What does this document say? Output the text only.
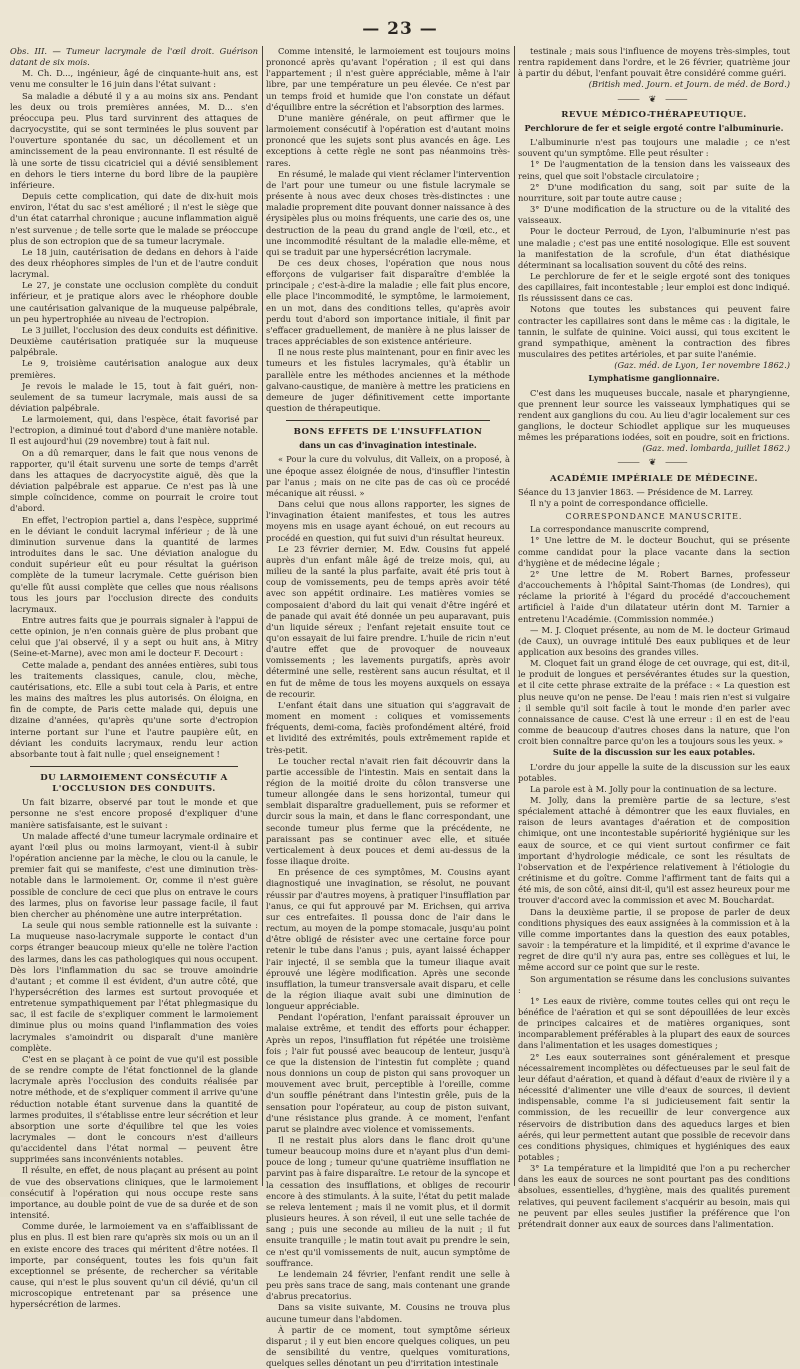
— 23 —

Obs. III. — Tumeur lacrymale de l'œil droit. Guérison datant de six mois.

M. Ch. D..., ingénieur, âgé de cinquante-huit ans, est venu me consulter le 16 juin dans l'état suivant :

Sa maladie a débuté il y a au moins six ans. Pendant les deux ou trois premières années, M. D... s'en préoccupa peu. Plus tard survinrent des attaques de dacryocystite, qui se sont terminées le plus souvent par l'ouverture spontanée du sac, un décollement et un amincissement de la peau environnante. Il est résulté de là une sorte de tissu cicatriciel qui a dévié sensiblement en dehors le tiers interne du bord libre de la paupière inférieure.

Depuis cette complication, qui date de dix-huit mois environ, l'état du sac s'est amélioré ; il n'est le siège que d'un état catarrhal chronique ; aucune inflammation aiguë n'est survenue ; de telle sorte que le malade se préoccupe plus de son ectropion que de sa tumeur lacrymale.

Le 18 juin, cautérisation de dedans en dehors à l'aide des deux rhéophores simples de l'un et de l'autre conduit lacrymal.

Le 27, je constate une occlusion complète du conduit inférieur, et je pratique alors avec le rhéophore double une cautérisation galvanique de la muqueuse palpébrale, un peu hypertrophiée au niveau de l'ectropion.

Le 3 juillet, l'occlusion des deux conduits est définitive. Deuxième cautérisation pratiquée sur la muqueuse palpébrale.

Le 9, troisième cautérisation analogue aux deux premières.

Je revois le malade le 15, tout à fait guéri, non-seulement de sa tumeur lacrymale, mais aussi de sa déviation palpébrale.

Le larmoiement, qui, dans l'espèce, était favorisé par l'ectropion, a diminué tout d'abord d'une manière notable. Il est aujourd'hui (29 novembre) tout à fait nul.

On a dû remarquer, dans le fait que nous venons de rapporter, qu'il était survenu une sorte de temps d'arrêt dans les attaques de dacryocystite aiguë, dès que la déviation palpébrale est apparue. Ce n'est pas là une simple coïncidence, comme on pourrait le croire tout d'abord.

En effet, l'ectropion partiel a, dans l'espèce, supprimé en le déviant le conduit lacrymal inférieur ; de là une diminution survenue dans la quantité de larmes introduites dans le sac. Une déviation analogue du conduit supérieur eût eu pour résultat la guérison complète de la tumeur lacrymale. Cette guérison bien qu'elle fût aussi complète que celles que nous réalisons tous les jours par l'occlusion directe des conduits lacrymaux.

Entre autres faits que je pourrais signaler à l'appui de cette opinion, je n'en connais guère de plus probant que celui que j'ai observé, il y a sept ou huit ans, à Mitry (Seine-et-Marne), avec mon ami le docteur F. Decourt :

Cette malade a, pendant des années entières, subi tous les traitements classiques, canule, clou, mèche, cautérisations, etc. Elle a subi tout cela à Paris, et entre les mains des maîtres les plus autorisés. On éloigna, en fin de compte, de Paris cette malade qui, depuis une dizaine d'années, qu'après qu'une sorte d'ectropion interne portant sur l'une et l'autre paupière eût, en déviant les conduits lacrymaux, rendu leur action absorbante tout à fait nulle ; quel enseignement !

DU LARMOIEMENT CONSÉCUTIF A L'OCCLUSION DES CONDUITS.

Un fait bizarre, observé par tout le monde et que personne ne s'est encore proposé d'expliquer d'une manière satisfaisante, est le suivant :

Un malade affecté d'une tumeur lacrymale ordinaire et ayant l'œil plus ou moins larmoyant, vient-il à subir l'opération ancienne par la mèche, le clou ou la canule, le premier fait qui se manifeste, c'est une diminution très-notable dans le larmoiement. Or, comme il n'est guère possible de conclure de ceci que plus on entrave le cours des larmes, plus on favorise leur passage facile, il faut bien chercher au phénomène une autre interprétation.

La seule qui nous semble rationnelle est la suivante : La muqueuse naso-lacrymale supporte le contact d'un corps étranger beaucoup mieux qu'elle ne tolère l'action des larmes, dans les cas pathologiques qui nous occupent. Dès lors l'inflammation du sac se trouve amoindrie d'autant ; et comme il est évident, d'un autre côté, que l'hypersécrétion des larmes est surtout provoquée et entretenue sympathiquement par l'état phlegmasique du sac, il est facile de s'expliquer comment le larmoiement diminue plus ou moins quand l'inflammation des voies lacrymales s'amoindrit ou disparaît d'une manière complète.

C'est en se plaçant à ce point de vue qu'il est possible de se rendre compte de l'état fonctionnel de la glande lacrymale après l'occlusion des conduits réalisée par notre méthode, et de s'expliquer comment il arrive qu'une réduction notable étant survenue dans la quantité de larmes produites, il s'établisse entre leur sécrétion et leur absorption une sorte d'équilibre tel que les voies lacrymales — dont le concours n'est d'ailleurs qu'accidentel dans l'état normal — peuvent être supprimées sans inconvénients notables.

Il résulte, en effet, de nous plaçant au présent au point de vue des observations cliniques, que le larmoiement consécutif à l'opération qui nous occupe reste sans importance, au double point de vue de sa durée et de son intensité.

Comme durée, le larmoiement va en s'affaiblissant de plus en plus. Il est bien rare qu'après six mois ou un an il en existe encore des traces qui méritent d'être notées. Il importe, par conséquent, toutes les fois qu'un fait exceptionnel se présente, de rechercher sa véritable cause, qui n'est le plus souvent qu'un cil dévié, qu'un cil microscopique entretenant par sa présence une hypersécrétion de larmes.

Comme intensité, le larmoiement est toujours moins prononcé après qu'avant l'opération ; il est qui dans l'appartement ; il n'est guère appréciable, même à l'air libre, par une température un peu élevée. Ce n'est par un temps froid et humide que l'on constate un défaut d'équilibre entre la sécrétion et l'absorption des larmes.

D'une manière générale, on peut affirmer que le larmoiement consécutif à l'opération est d'autant moins prononcé que les sujets sont plus avancés en âge. Les exceptions à cette règle ne sont pas néanmoins très-rares.

En résumé, le malade qui vient réclamer l'intervention de l'art pour une tumeur ou une fistule lacrymale se présente à nous avec deux choses très-distinctes : une maladie proprement dite pouvant donner naissance à des érysipèles plus ou moins fréquents, une carie des os, une destruction de la peau du grand angle de l'œil, etc., et une incommodité résultant de la maladie elle-même, et qui se traduit par une hypersécrétion lacrymale.

De ces deux choses, l'opération que nous nous efforçons de vulgariser fait disparaître d'emblée la principale ; c'est-à-dire la maladie ; elle fait plus encore, elle place l'incommodité, le symptôme, le larmoiement, en un mot, dans des conditions telles, qu'après avoir perdu tout d'abord son importance initiale, il finit par s'effacer graduellement, de manière à ne plus laisser de traces appréciables de son existence antérieure.

Il ne nous reste plus maintenant, pour en finir avec les tumeurs et les fistules lacrymales, qu'à établir un parallèle entre les méthodes anciennes et la méthode galvano-caustique, de manière à mettre les praticiens en demeure de juger définitivement cette importante question de thérapeutique.

BONS EFFETS DE L'INSUFFLATION

dans un cas d'invagination intestinale.

« Pour la cure du volvulus, dit Valleix, on a proposé, à une époque assez éloignée de nous, d'insuffler l'intestin par l'anus ; mais on ne cite pas de cas où ce procédé mécanique ait réussi. »

Dans celui que nous allons rapporter, les signes de l'invagination étaient manifestes, et tous les autres moyens mis en usage ayant échoué, on eut recours au procédé en question, qui fut suivi d'un résultat heureux.

Le 23 février dernier, M. Edw. Cousins fut appelé auprès d'un enfant mâle âgé de treize mois, qui, au milieu de la santé la plus parfaite, avait été pris tout à coup de vomissements, peu de temps après avoir tété avec son appétit ordinaire. Les matières vomies se composaient d'abord du lait qui venait d'être ingéré et de panade qui avait été donnée un peu auparavant, puis d'un liquide séreux ; l'enfant rejetait ensuite tout ce qu'on essayait de lui faire prendre. L'huile de ricin n'eut d'autre effet que de provoquer de nouveaux vomissements ; les lavements purgatifs, après avoir déterminé une selle, restèrent sans aucun résultat, et il en fut de même de tous les moyens auxquels on essaya de recourir.

L'enfant était dans une situation qui s'aggravait de moment en moment : coliques et vomissements fréquents, demi-coma, faciès profondément altéré, froid et lividité des extrémités, pouls extrêmement rapide et très-petit.

Le toucher rectal n'avait rien fait découvrir dans la partie accessible de l'intestin. Mais en sentait dans la région de la moitié droite du côlon transverse une tumeur allongée dans le sens horizontal, tumeur qui semblait disparaître graduellement, puis se reformer et durcir sous la main, et dans le flanc correspondant, une seconde tumeur plus ferme que la précédente, ne paraissant pas se continuer avec elle, et située verticalement à deux pouces et demi au-dessus de la fosse iliaque droite.

En présence de ces symptômes, M. Cousins ayant diagnostiqué une invagination, se résolut, ne pouvant réussir par d'autres moyens, à pratiquer l'insufflation par l'anus, ce qui fut approuvé par M. Erichsen, qui arriva sur ces entrefaites. Il poussa donc de l'air dans le rectum, au moyen de la pompe stomacale, jusqu'au point d'être obligé de résister avec une certaine force pour retenir le tube dans l'anus ; puis, ayant laissé échapper l'air injecté, il se sembla que la tumeur iliaque avait éprouvé une légère modification. Après une seconde insufflation, la tumeur transversale avait disparu, et celle de la région iliaque avait subi une diminution de longueur appréciable.

Pendant l'opération, l'enfant paraissait éprouver un malaise extrême, et tendit des efforts pour échapper. Après un repos, l'insufflation fut répétée une troisième fois ; l'air fut poussé avec beaucoup de lenteur, jusqu'à ce que la distension de l'intestin fut complète ; quand nous donnions un coup de piston qui sans provoquer un mouvement avec bruit, perceptible à l'oreille, comme d'un souffle pénétrant dans l'intestin grêle, puis de la sensation pour l'opérateur, au coup de piston suivant, d'une résistance plus grande. À ce moment, l'enfant parut se plaindre avec violence et vomissements.

Il ne restait plus alors dans le flanc droit qu'une tumeur beaucoup moins dure et n'ayant plus d'un demi-pouce de long ; tumeur qu'une quatrième insufflation ne parvint pas à faire disparaître. Le retour de la syncope et la cessation des insufflations, et obliges de recourir encore à des stimulants. À la suite, l'état du petit malade se releva lentement ; mais il ne vomit plus, et il dormit plusieurs heures. À son réveil, il eut une selle tachée de sang ; puis une seconde au milieu de la nuit ; il fut ensuite tranquille ; le matin tout avait pu prendre le sein, ce n'est qu'il vomissements de nuit, aucun symptôme de souffrance.

Le lendemain 24 février, l'enfant rendit une selle à peu près sans trace de sang, mais contenant une grande d'abrus precatorius.

Dans sa visite suivante, M. Cousins ne trouva plus aucune tumeur dans l'abdomen.

À partir de ce moment, tout symptôme sérieux disparut ; il y eut bien encore quelques coliques, un peu de sensibilité du ventre, quelques vomiturations, quelques selles dénotant un peu d'irritation intestinale

testinale ; mais sous l'influence de moyens très-simples, tout rentra rapidement dans l'ordre, et le 26 février, quatrième jour à partir du début, l'enfant pouvait être considéré comme guéri.

(British med. Journ. et Journ. de méd. de Bord.)

⸻ ❦ ⸻

REVUE MÉDICO-THÉRAPEUTIQUE.

Perchlorure de fer et seigle ergoté contre l'albuminurie.

L'albuminurie n'est pas toujours une maladie ; ce n'est souvent qu'un symptôme. Elle peut résulter :

1° De l'augmentation de la tension dans les vaisseaux des reins, quel que soit l'obstacle circulatoire ;

2° D'une modification du sang, soit par suite de la nourriture, soit par toute autre cause ;

3° D'une modification de la structure ou de la vitalité des vaisseaux.

Pour le docteur Perroud, de Lyon, l'albuminurie n'est pas une maladie ; c'est pas une entité nosologique. Elle est souvent la manifestation de la scrofule, d'un état diathésique déterminant sa localisation souvent du côté des reins.

Le perchlorure de fer et le seigle ergoté sont des toniques des capillaires, fait incontestable ; leur emploi est donc indiqué. Ils réussissent dans ce cas.

Notons que toutes les substances qui peuvent faire contracter les capillaires sont dans le même cas : la digitale, le tannin, le sulfate de quinine. Voici aussi, qui tous excitent le grand sympathique, amènent la contraction des fibres musculaires des petites artérioles, et par suite l'anémie.

(Gaz. méd. de Lyon, 1er novembre 1862.)

Lymphatisme ganglionnaire.

C'est dans les muqueuses buccale, nasale et pharyngienne, que prennent leur source les vaisseaux lymphatiques qui se rendent aux ganglions du cou. Au lieu d'agir localement sur ces ganglions, le docteur Schiodlet applique sur les muqueuses mêmes les préparations iodées, soit en poudre, soit en frictions.

(Gaz. med. lombarda, juillet 1862.)

⸻ ❦ ⸻

ACADÉMIE IMPÉRIALE DE MÉDECINE.

Séance du 13 janvier 1863. — Présidence de M. Larrey.

Il n'y a point de correspondance officielle.

CORRESPONDANCE MANUSCRITE.

La correspondance manuscrite comprend,

1° Une lettre de M. le docteur Bouchut, qui se présente comme candidat pour la place vacante dans la section d'hygiène et de médecine légale ;

2° Une lettre de M. Robert Barnes, professeur d'accouchements à l'hôpital Saint-Thomas (de Londres), qui réclame la priorité à l'égard du procédé d'accouchement artificiel à l'aide d'un dilatateur utérin dont M. Tarnier a entretenu l'Académie. (Commission nommée.)

— M. J. Cloquet présente, au nom de M. le docteur Grimaud (de Caux), un ouvrage intitulé Des eaux publiques et de leur application aux besoins des grandes villes.

M. Cloquet fait un grand éloge de cet ouvrage, qui est, dit-il, le produit de longues et persévérantes études sur la question, et il cite cette phrase extraite de la préface : « La question est plus neuve qu'on ne pense. De l'eau ! mais rien n'est si vulgaire ; il semble qu'il soit facile à tout le monde d'en parler avec connaissance de cause. C'est là une erreur : il en est de l'eau comme de beaucoup d'autres choses dans la nature, que l'on croit bien connaître parce qu'on les a toujours sous les yeux. »

Suite de la discussion sur les eaux potables.

L'ordre du jour appelle la suite de la discussion sur les eaux potables.

La parole est à M. Jolly pour la continuation de sa lecture.

M. Jolly, dans la première partie de sa lecture, s'est spécialement attaché à démontrer que les eaux fluviales, en raison de leurs avantages d'aération et de composition chimique, ont une incontestable supériorité hygiénique sur les eaux de source, et ce qui vient surtout confirmer ce fait important d'hydrologie médicale, ce sont les résultats de l'observation et de l'expérience relativement à l'étiologie du crétinisme et du goître. Comme l'affirment tant de faits qui a été mis, de son côté, ainsi dit-il, qu'il est assez heureux pour me trouver d'accord avec la commission et avec M. Bouchardat.

Dans la deuxième partie, il se propose de parler de deux conditions physiques des eaux assignées à la commission et à la ville comme importantes dans la question des eaux potables, savoir : la température et la limpidité, et il exprime d'avance le regret de dire qu'il n'y aura pas, entre ses collègues et lui, le même accord sur ce point que sur le reste.

Son argumentation se résume dans les conclusions suivantes :

1° Les eaux de rivière, comme toutes celles qui ont reçu le bénéfice de l'aération et qui se sont dépouillées de leur excès de principes calcaires et de matières organiques, sont incomparablement préférables à la plupart des eaux de sources dans l'alimentation et les usages domestiques ;

2° Les eaux souterraines sont généralement et presque nécessairement incomplètes ou défectueuses par le seul fait de leur défaut d'aération, et quand à défaut d'eaux de rivière il y a nécessité d'alimenter une ville d'eaux de sources, il devient indispensable, comme l'a si judicieusement fait sentir la commission, de les recueillir de leur convergence aux réservoirs de distribution dans des aqueducs larges et bien aérés, qui leur permettent autant que possible de recevoir dans ces conditions physiques, chimiques et hygiéniques des eaux potables ;

3° La température et la limpidité que l'on a pu rechercher dans les eaux de sources ne sont pourtant pas des conditions absolues, essentielles, d'hygiène, mais des qualités purement relatives, qui peuvent facilement s'acquérir au besoin, mais qui ne peuvent par elles seules justifier la préférence que l'on prétendrait donner aux eaux de sources dans l'alimentation.
